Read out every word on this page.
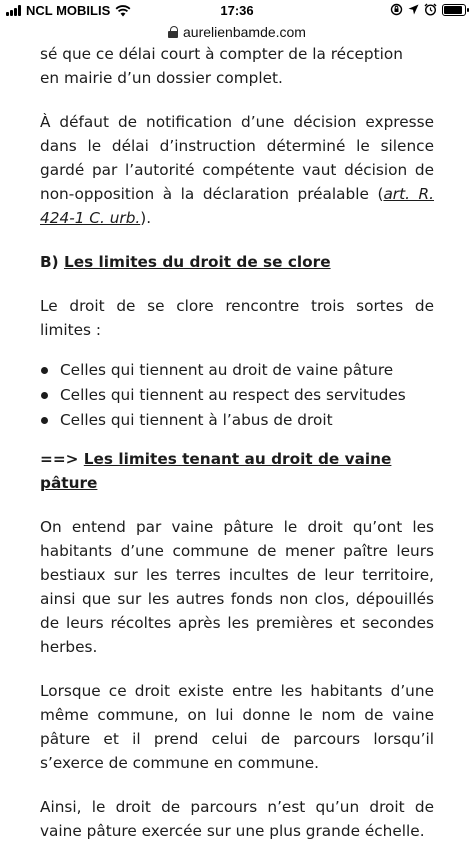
NCL MOBILIS	17:36
aurelienbamde.com

sé que ce délai court à compter de la réception
en mairie d’un dossier complet.

À défaut de notification d’une décision expresse dans le délai d’instruction déterminé le silence gardé par l’autorité compétente vaut décision de non-opposition à la déclaration préalable (art. R. 424-1 C. urb.).

B) Les limites du droit de se clore

Le droit de se clore rencontre trois sortes de limites :

Celles qui tiennent au droit de vaine pâture
Celles qui tiennent au respect des servitudes
Celles qui tiennent à l’abus de droit
==> Les limites tenant au droit de vaine pâture

On entend par vaine pâture le droit qu’ont les habitants d’une commune de mener paître leurs bestiaux sur les terres incultes de leur territoire, ainsi que sur les autres fonds non clos, dépouillés de leurs récoltes après les premières et secondes herbes.

Lorsque ce droit existe entre les habitants d’une même commune, on lui donne le nom de vaine pâture et il prend celui de parcours lorsqu’il s’exerce de commune en commune.

Ainsi, le droit de parcours n’est qu’un droit de vaine pâture exercée sur une plus grande échelle.
